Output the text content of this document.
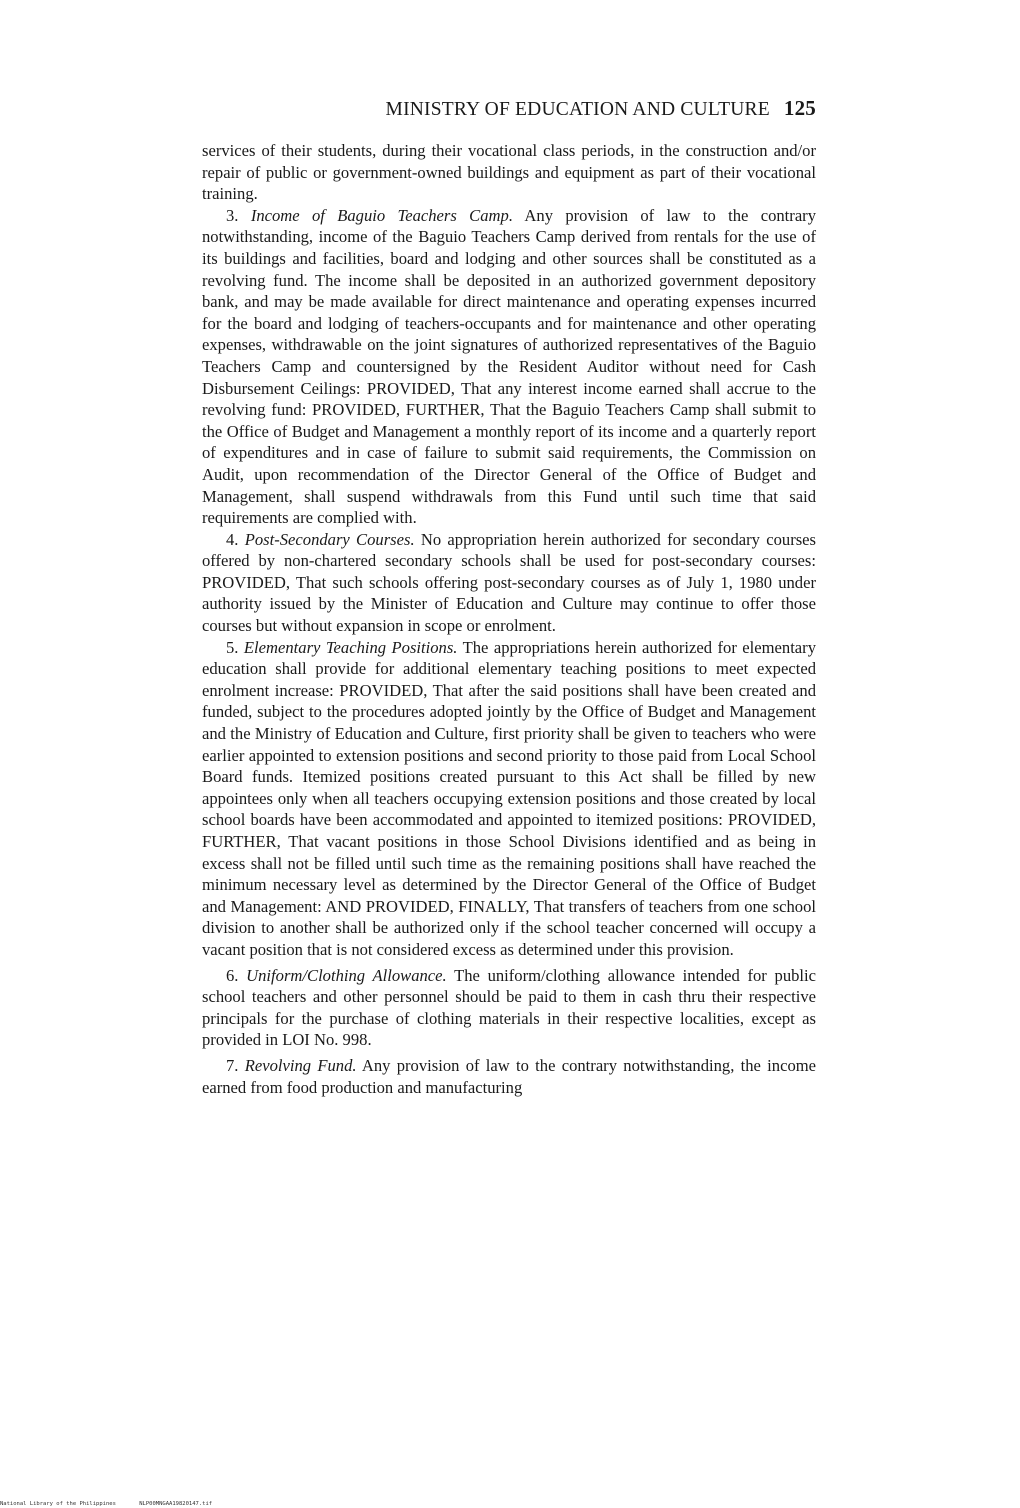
MINISTRY OF EDUCATION AND CULTURE 125

services of their students, during their vocational class periods, in the construction and/or repair of public or government-owned buildings and equipment as part of their vocational training.

3. Income of Baguio Teachers Camp. Any provision of law to the contrary notwithstanding, income of the Baguio Teachers Camp derived from rentals for the use of its buildings and facilities, board and lodging and other sources shall be constituted as a revolving fund. The income shall be deposited in an authorized government depository bank, and may be made available for direct maintenance and operating expenses incurred for the board and lodging of teachers-occupants and for maintenance and other operating expenses, withdrawable on the joint signatures of authorized representatives of the Baguio Teachers Camp and countersigned by the Resident Auditor without need for Cash Disbursement Ceilings: PROVIDED, That any interest income earned shall accrue to the revolving fund: PROVIDED, FURTHER, That the Baguio Teachers Camp shall submit to the Office of Budget and Management a monthly report of its income and a quarterly report of expenditures and in case of failure to submit said requirements, the Commission on Audit, upon recommendation of the Director General of the Office of Budget and Management, shall suspend withdrawals from this Fund until such time that said requirements are complied with.

4. Post-Secondary Courses. No appropriation herein authorized for secondary courses offered by non-chartered secondary schools shall be used for post-secondary courses: PROVIDED, That such schools offering post-secondary courses as of July 1, 1980 under authority issued by the Minister of Education and Culture may continue to offer those courses but without expansion in scope or enrolment.

5. Elementary Teaching Positions. The appropriations herein authorized for elementary education shall provide for additional elementary teaching positions to meet expected enrolment increase: PROVIDED, That after the said positions shall have been created and funded, subject to the procedures adopted jointly by the Office of Budget and Management and the Ministry of Education and Culture, first priority shall be given to teachers who were earlier appointed to extension positions and second priority to those paid from Local School Board funds. Itemized positions created pursuant to this Act shall be filled by new appointees only when all teachers occupying extension positions and those created by local school boards have been accommodated and appointed to itemized positions: PROVIDED, FURTHER, That vacant positions in those School Divisions identified and as being in excess shall not be filled until such time as the remaining positions shall have reached the minimum necessary level as determined by the Director General of the Office of Budget and Management: AND PROVIDED, FINALLY, That transfers of teachers from one school division to another shall be authorized only if the school teacher concerned will occupy a vacant position that is not considered excess as determined under this provision.

6. Uniform/Clothing Allowance. The uniform/clothing allowance intended for public school teachers and other personnel should be paid to them in cash thru their respective principals for the purchase of clothing materials in their respective localities, except as provided in LOI No. 998.

7. Revolving Fund. Any provision of law to the contrary notwithstanding, the income earned from food production and manufacturing

National Library of the Philippines	NLP00MNGAA19820147.tif
